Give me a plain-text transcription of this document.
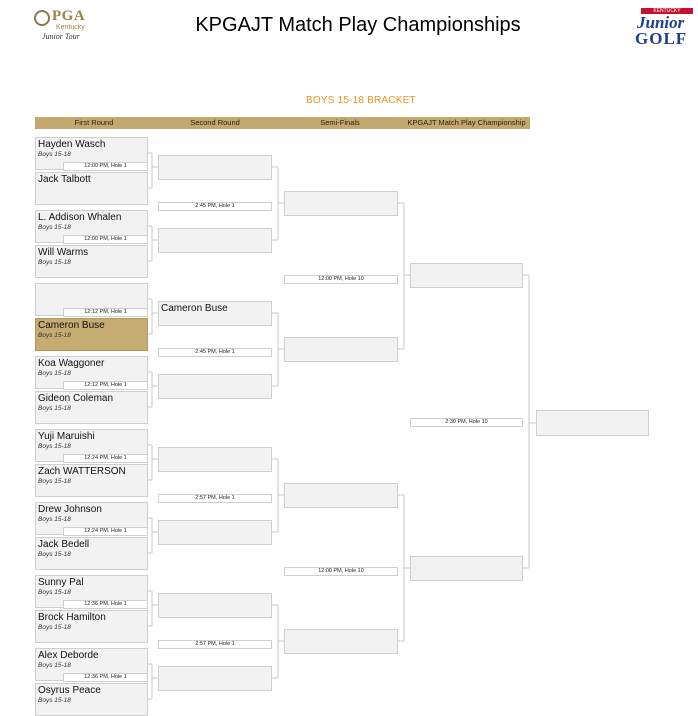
PGA
Kentucky
Junior Tour
KPGAJT Match Play Championships
KENTUCKY
Junior
GOLF
BOYS 15-18 BRACKET
First Round	Second Round	Semi-Finals	KPGAJT Match Play Championship
Hayden Wasch
Boys 15-18
Jack Talbott
12:00 PM, Hole 1
L. Addison Whalen
Boys 15-18
Will Warms
Boys 15-18
12:00 PM, Hole 1
Cameron Buse
Boys 15-18
12:12 PM, Hole 1
Koa Waggoner
Boys 15-18
Gideon Coleman
Boys 15-18
12:12 PM, Hole 1
Yuji Maruishi
Boys 15-18
Zach WATTERSON
Boys 15-18
12:24 PM, Hole 1
Drew Johnson
Boys 15-18
Jack Bedell
Boys 15-18
12:24 PM, Hole 1
Sunny Pal
Boys 15-18
Brock Hamilton
Boys 15-18
12:36 PM, Hole 1
Alex Deborde
Boys 15-18
Osyrus Peace
Boys 15-18
12:36 PM, Hole 1
Cameron Buse
2:45 PM, Hole 1
2:45 PM, Hole 1
2:57 PM, Hole 1
2:57 PM, Hole 1
12:00 PM, Hole 10
12:00 PM, Hole 10
2:30 PM, Hole 10
